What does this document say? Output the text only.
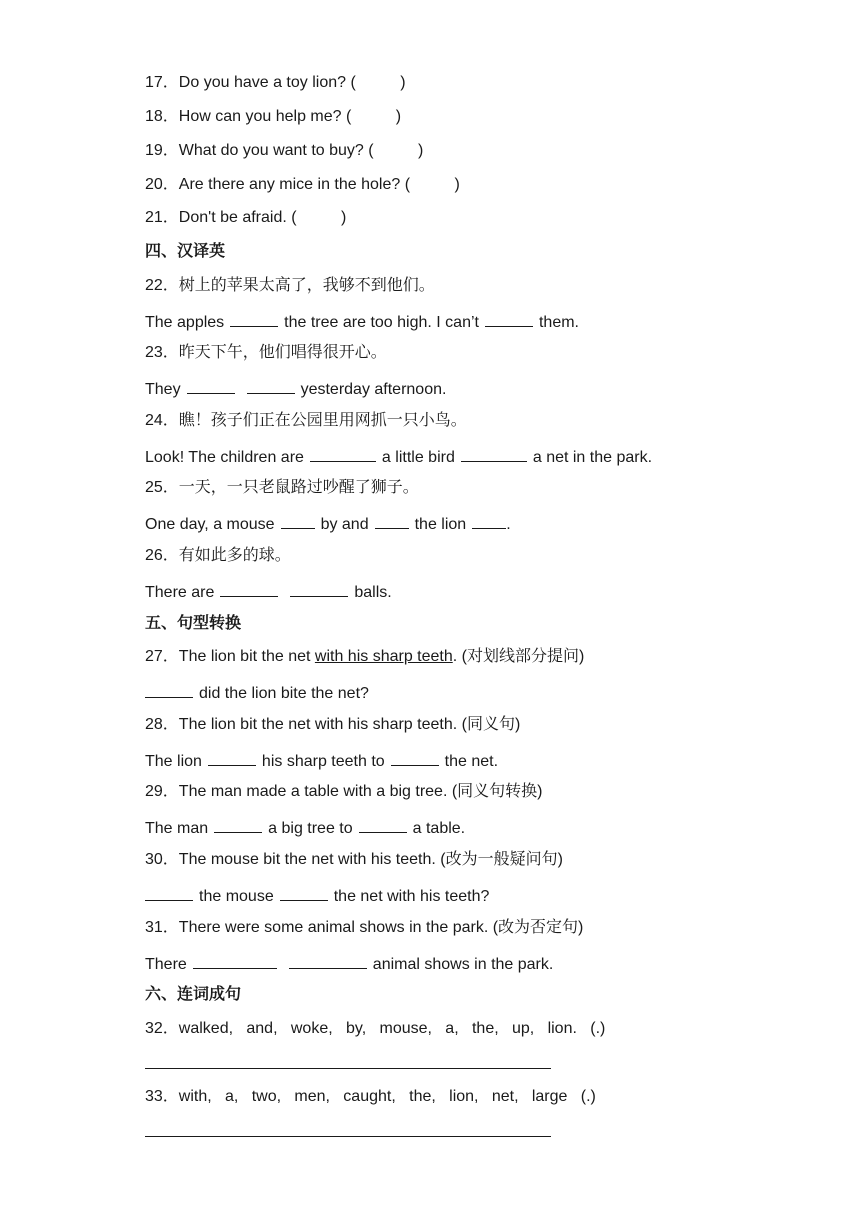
17．Do you have a toy lion? (          )
18．How can you help me? (          )
19．What do you want to buy? (          )
20．Are there any mice in the hole? (          )
21．Don't be afraid. (          )
四、汉译英
22．树上的苹果太高了，我够不到他们。
The apples	the tree are too high. I can’t	them.
23．昨天下午，他们唱得很开心。
They	yesterday afternoon.
24．瞧！孩子们正在公园里用网抓一只小鸟。
Look! The children are	a little bird	a net in the park.
25．一天，一只老鼠路过吵醒了狮子。
One day, a mouse	by and	the lion	.
26．有如此多的球。
There are	balls.
五、句型转换
27．The lion bit the net with his sharp teeth. (对划线部分提问)
did the lion bite the net?
28．The lion bit the net with his sharp teeth. (同义句)
The lion	his sharp teeth to	the net.
29．The man made a table with a big tree. (同义句转换)
The man	a big tree to	a table.
30．The mouse bit the net with his teeth. (改为一般疑问句)
the mouse	the net with his teeth?
31．There were some animal shows in the park. (改为否定句)
There	animal shows in the park.
六、连词成句
32．walked,   and,   woke,   by,   mouse,   a,   the,   up,   lion.   (.)
33．with,   a,   two,   men,   caught,   the,   lion,   net,   large   (.)
